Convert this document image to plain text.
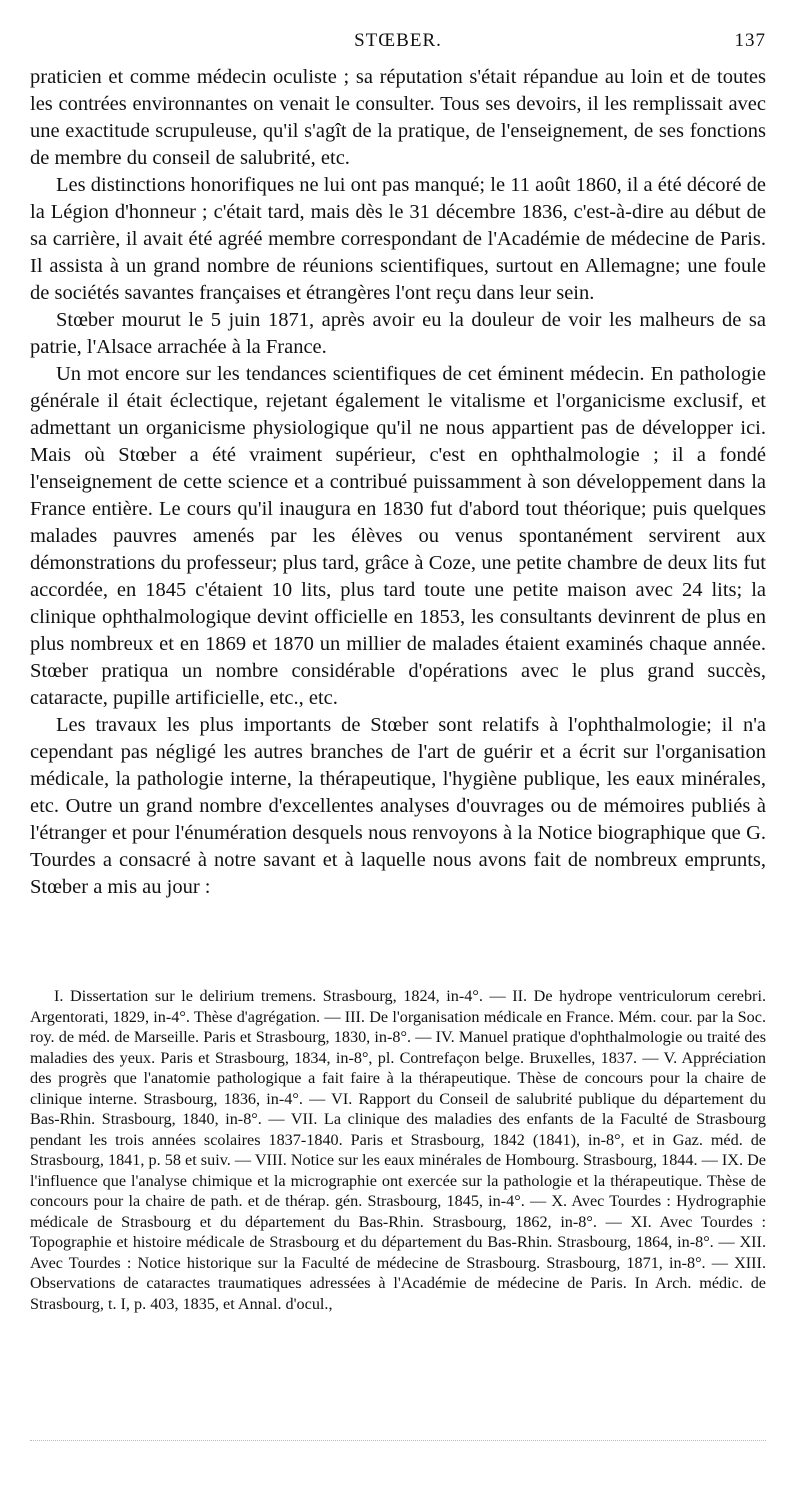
STŒBER.	137

praticien et comme médecin oculiste ; sa réputation s'était répandue au loin et de toutes les contrées environnantes on venait le consulter. Tous ses devoirs, il les remplissait avec une exactitude scrupuleuse, qu'il s'agît de la pratique, de l'enseignement, de ses fonctions de membre du conseil de salubrité, etc.

Les distinctions honorifiques ne lui ont pas manqué; le 11 août 1860, il a été décoré de la Légion d'honneur ; c'était tard, mais dès le 31 décembre 1836, c'est-à-dire au début de sa carrière, il avait été agréé membre correspondant de l'Académie de médecine de Paris. Il assista à un grand nombre de réunions scientifiques, surtout en Allemagne; une foule de sociétés savantes françaises et étrangères l'ont reçu dans leur sein.

Stœber mourut le 5 juin 1871, après avoir eu la douleur de voir les malheurs de sa patrie, l'Alsace arrachée à la France.

Un mot encore sur les tendances scientifiques de cet éminent médecin. En pathologie générale il était éclectique, rejetant également le vitalisme et l'organicisme exclusif, et admettant un organicisme physiologique qu'il ne nous appartient pas de développer ici. Mais où Stœber a été vraiment supérieur, c'est en ophthalmologie ; il a fondé l'enseignement de cette science et a contribué puissamment à son développement dans la France entière. Le cours qu'il inaugura en 1830 fut d'abord tout théorique; puis quelques malades pauvres amenés par les élèves ou venus spontanément servirent aux démonstrations du professeur; plus tard, grâce à Coze, une petite chambre de deux lits fut accordée, en 1845 c'étaient 10 lits, plus tard toute une petite maison avec 24 lits; la clinique ophthalmologique devint officielle en 1853, les consultants devinrent de plus en plus nombreux et en 1869 et 1870 un millier de malades étaient examinés chaque année. Stœber pratiqua un nombre considérable d'opérations avec le plus grand succès, cataracte, pupille artificielle, etc., etc.

Les travaux les plus importants de Stœber sont relatifs à l'ophthalmologie; il n'a cependant pas négligé les autres branches de l'art de guérir et a écrit sur l'organisation médicale, la pathologie interne, la thérapeutique, l'hygiène publique, les eaux minérales, etc. Outre un grand nombre d'excellentes analyses d'ouvrages ou de mémoires publiés à l'étranger et pour l'énumération desquels nous renvoyons à la Notice biographique que G. Tourdes a consacré à notre savant et à laquelle nous avons fait de nombreux emprunts, Stœber a mis au jour :

I. Dissertation sur le delirium tremens. Strasbourg, 1824, in-4°. — II. De hydrope ventriculorum cerebri. Argentorati, 1829, in-4°. Thèse d'agrégation. — III. De l'organisation médicale en France. Mém. cour. par la Soc. roy. de méd. de Marseille. Paris et Strasbourg, 1830, in-8°. — IV. Manuel pratique d'ophthalmologie ou traité des maladies des yeux. Paris et Strasbourg, 1834, in-8°, pl. Contrefaçon belge. Bruxelles, 1837. — V. Appréciation des progrès que l'anatomie pathologique a fait faire à la thérapeutique. Thèse de concours pour la chaire de clinique interne. Strasbourg, 1836, in-4°. — VI. Rapport du Conseil de salubrité publique du département du Bas-Rhin. Strasbourg, 1840, in-8°. — VII. La clinique des maladies des enfants de la Faculté de Strasbourg pendant les trois années scolaires 1837-1840. Paris et Strasbourg, 1842 (1841), in-8°, et in Gaz. méd. de Strasbourg, 1841, p. 58 et suiv. — VIII. Notice sur les eaux minérales de Hombourg. Strasbourg, 1844. — IX. De l'influence que l'analyse chimique et la micrographie ont exercée sur la pathologie et la thérapeutique. Thèse de concours pour la chaire de path. et de thérap. gén. Strasbourg, 1845, in-4°. — X. Avec Tourdes : Hydrographie médicale de Strasbourg et du département du Bas-Rhin. Strasbourg, 1862, in-8°. — XI. Avec Tourdes : Topographie et histoire médicale de Strasbourg et du département du Bas-Rhin. Strasbourg, 1864, in-8°. — XII. Avec Tourdes : Notice historique sur la Faculté de médecine de Strasbourg. Strasbourg, 1871, in-8°. — XIII. Observations de cataractes traumatiques adressées à l'Académie de médecine de Paris. In Arch. médic. de Strasbourg, t. I, p. 403, 1835, et Annal. d'ocul.,
